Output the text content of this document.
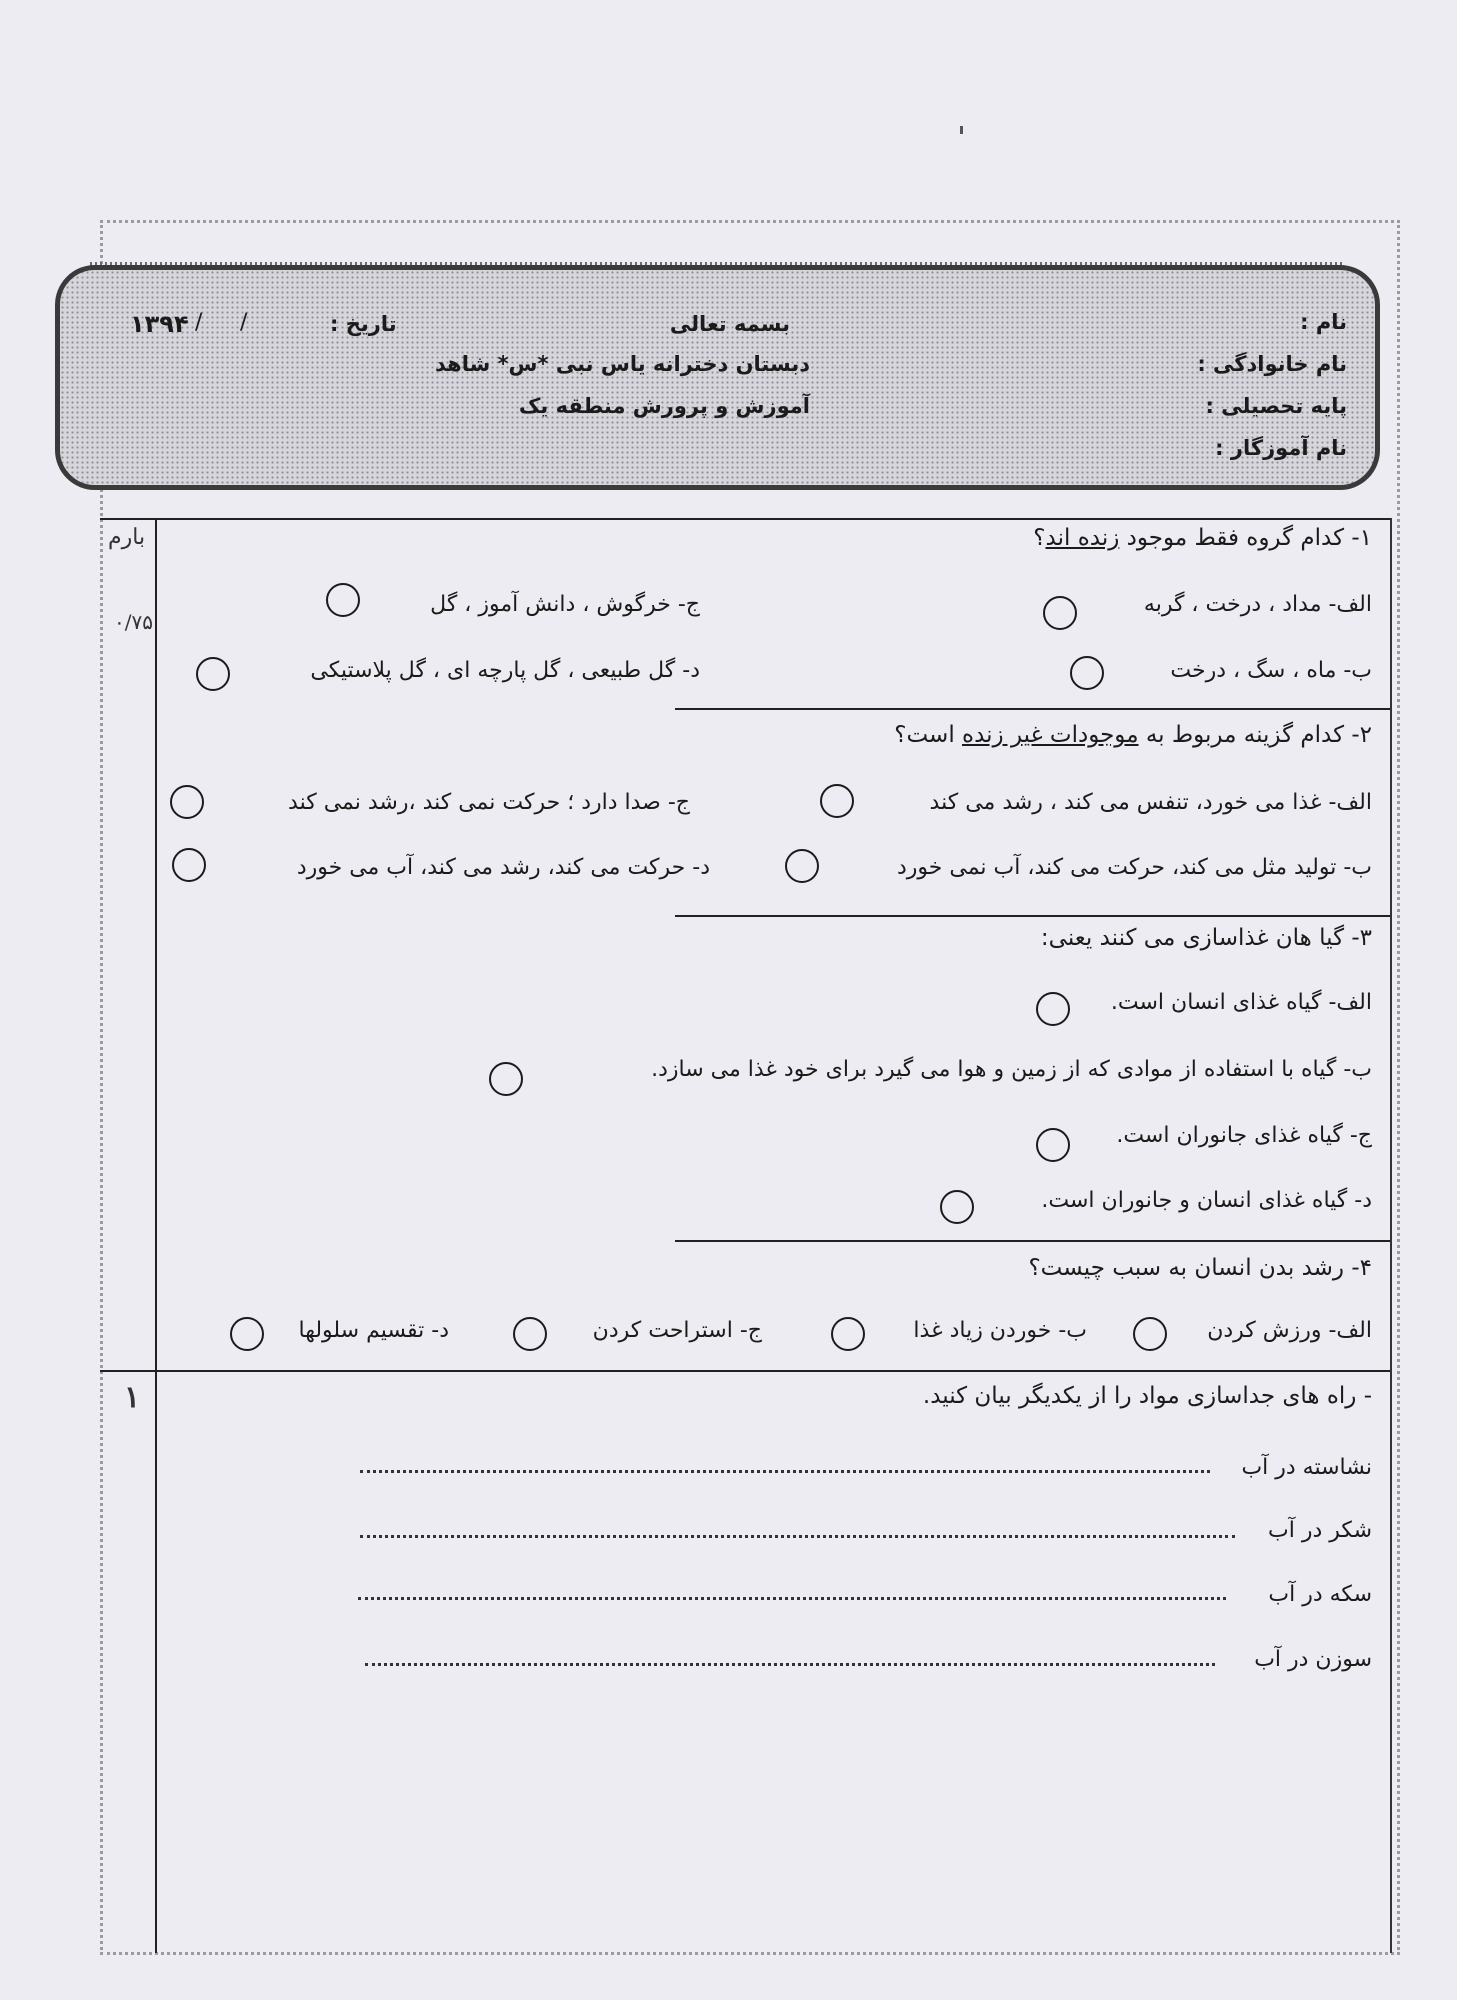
بسمه تعالی
دبستان دخترانه یاس نبی *س* شاهد
آموزش و پرورش منطقه یک
نام :
نام خانوادگی :
پایه تحصیلی :
نام آموزگار :
تاریخ :
/
/
۱۳۹۴
بارم
۰/۷۵
۱
۱- کدام گروه فقط موجود زنده اند؟
الف- مداد ، درخت ، گربه
ب- ماه ، سگ ، درخت
ج- خرگوش ، دانش آموز ، گل
د- گل طبیعی ، گل پارچه ای ، گل پلاستیکی
۲- کدام گزینه مربوط به موجودات غیر زنده است؟
الف- غذا می خورد، تنفس می کند ، رشد می کند
ب- تولید مثل می کند، حرکت می کند، آب نمی خورد
ج- صدا دارد ؛ حرکت نمی کند ،رشد نمی کند
د- حرکت می کند، رشد می کند، آب می خورد
۳- گیا هان غذاسازی می کنند یعنی:
الف- گیاه غذای انسان است.
ب- گیاه با استفاده از موادی که از زمین و هوا می گیرد برای خود غذا می سازد.
ج- گیاه غذای جانوران است.
د- گیاه غذای انسان و جانوران است.
۴- رشد بدن انسان به سبب چیست؟
الف- ورزش کردن
ب- خوردن زیاد غذا
ج- استراحت کردن
د- تقسیم سلولها
- راه های جداسازی مواد را از یکدیگر بیان کنید.
نشاسته در آب
شکر در آب
سکه در آب
سوزن در آب
